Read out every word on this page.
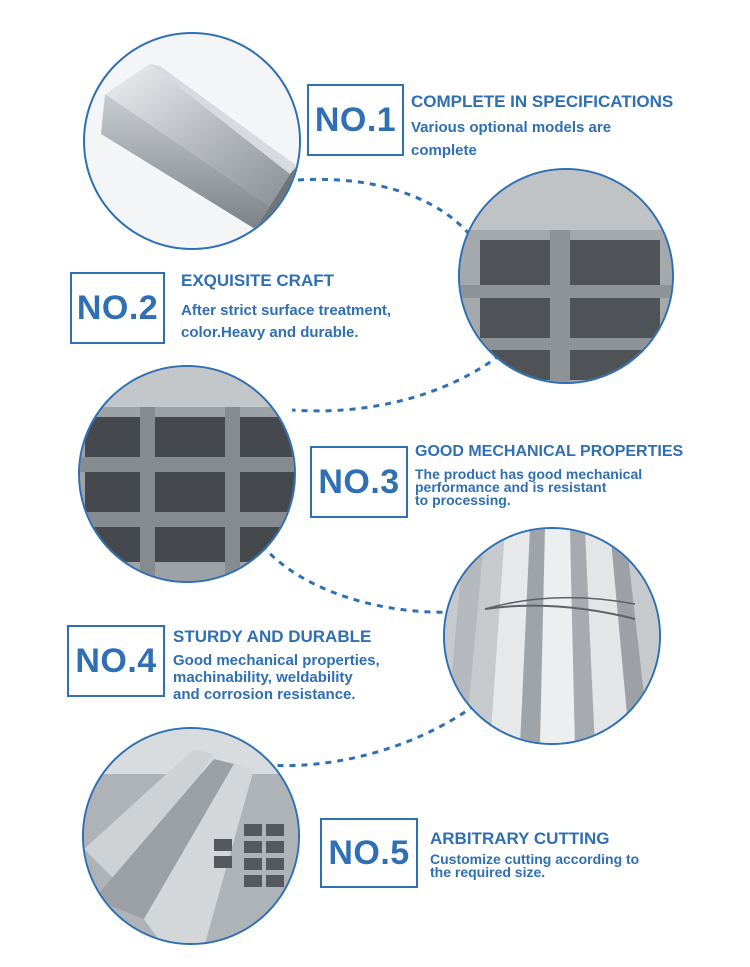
NO.1 COMPLETE IN SPECIFICATIONS
Various optional models are
complete
NO.2
EXQUISITE CRAFT
After strict surface treatment,
color.Heavy and durable.
NO.3
GOOD MECHANICAL PROPERTIES
The product has good mechanical
performance and is resistant
to processing.
NO.4
STURDY AND DURABLE
Good mechanical properties,
machinability, weldability
and corrosion resistance.
NO.5 ARBITRARY CUTTING
Customize cutting according to
the required size.
